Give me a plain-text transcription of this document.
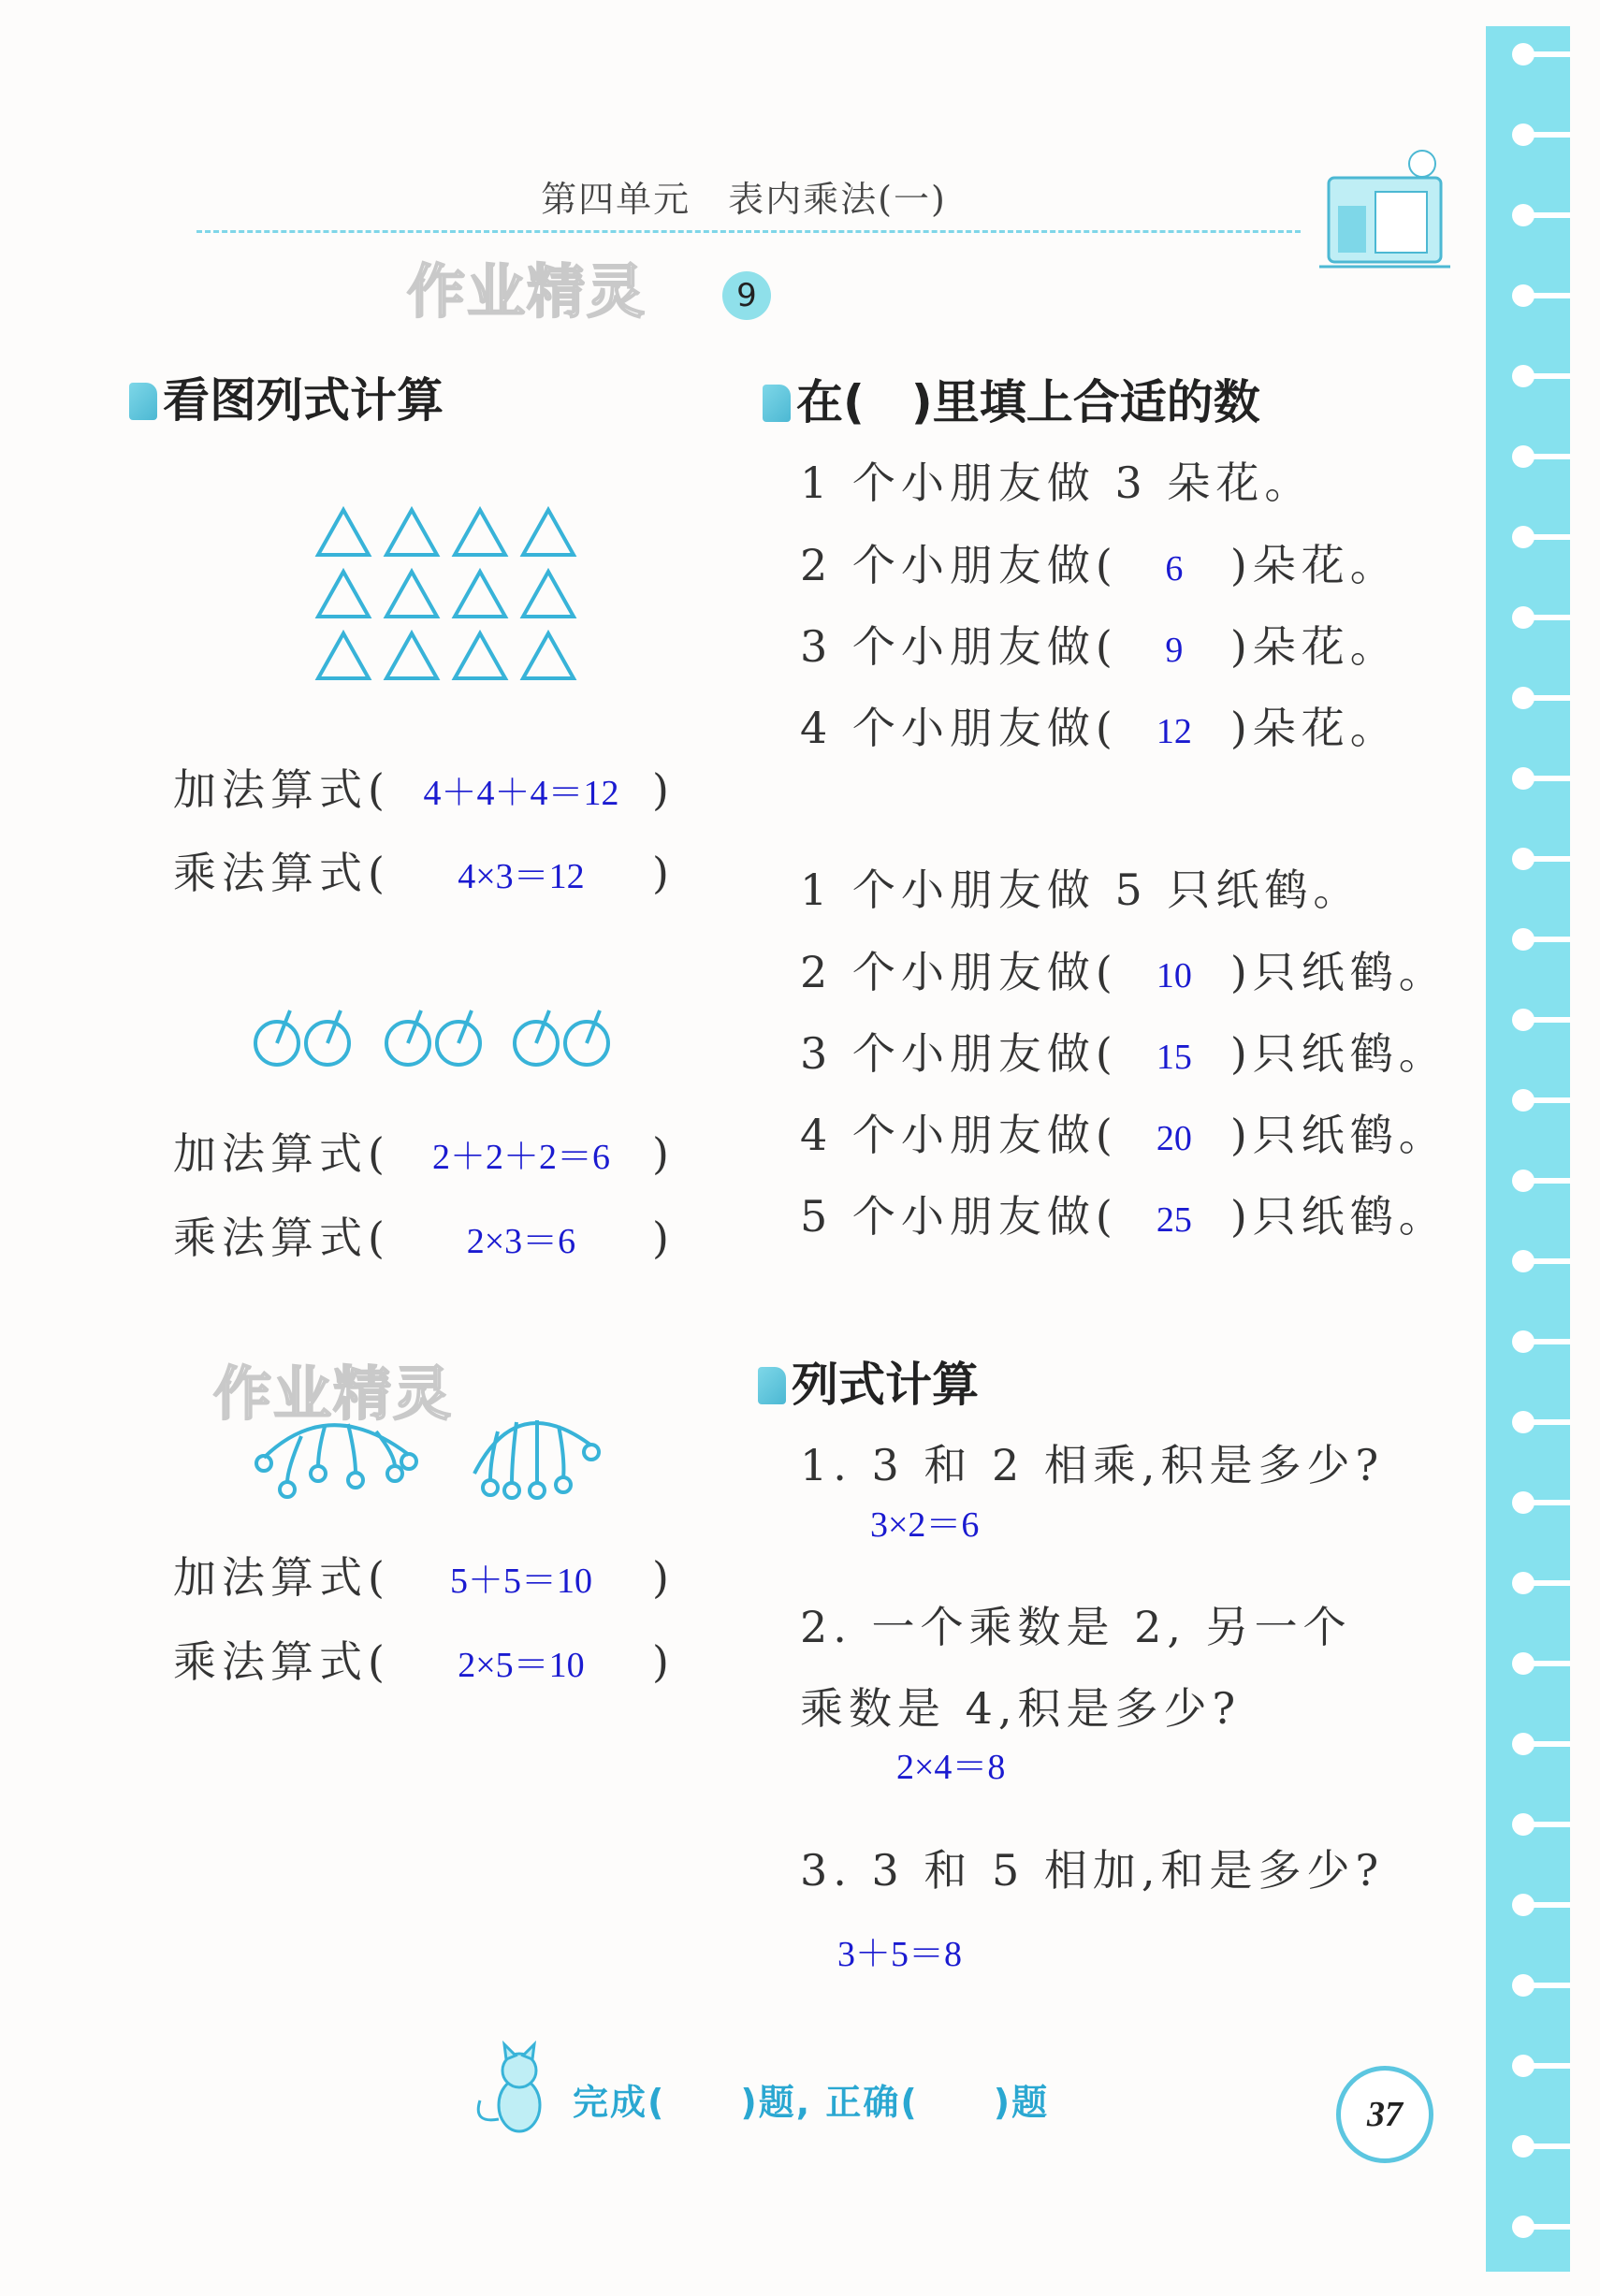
第四单元　表内乘法(一)
作业精灵	9
看图列式计算
加法算式( 4＋4＋4＝12 )
乘法算式( 4×3＝12 )
加法算式( 2＋2＋2＝6 )
乘法算式( 2×3＝6 )
作业精灵
加法算式( 5＋5＝10 )
乘法算式( 2×5＝10 )
在(　)里填上合适的数
1 个小朋友做 3 朵花。
2 个小朋友做( 6 )朵花。
3 个小朋友做( 9 )朵花。
4 个小朋友做( 12 )朵花。
1 个小朋友做 5 只纸鹤。
2 个小朋友做( 10 )只纸鹤。
3 个小朋友做( 15 )只纸鹤。
4 个小朋友做( 20 )只纸鹤。
5 个小朋友做( 25 )只纸鹤。
列式计算
1. 3 和 2 相乘,积是多少?
3×2＝6
2. 一个乘数是 2, 另一个
乘数是 4,积是多少?
2×4＝8
3. 3 和 5 相加,和是多少?
3＋5＝8
完成(　　)题, 正确(　　)题	37
